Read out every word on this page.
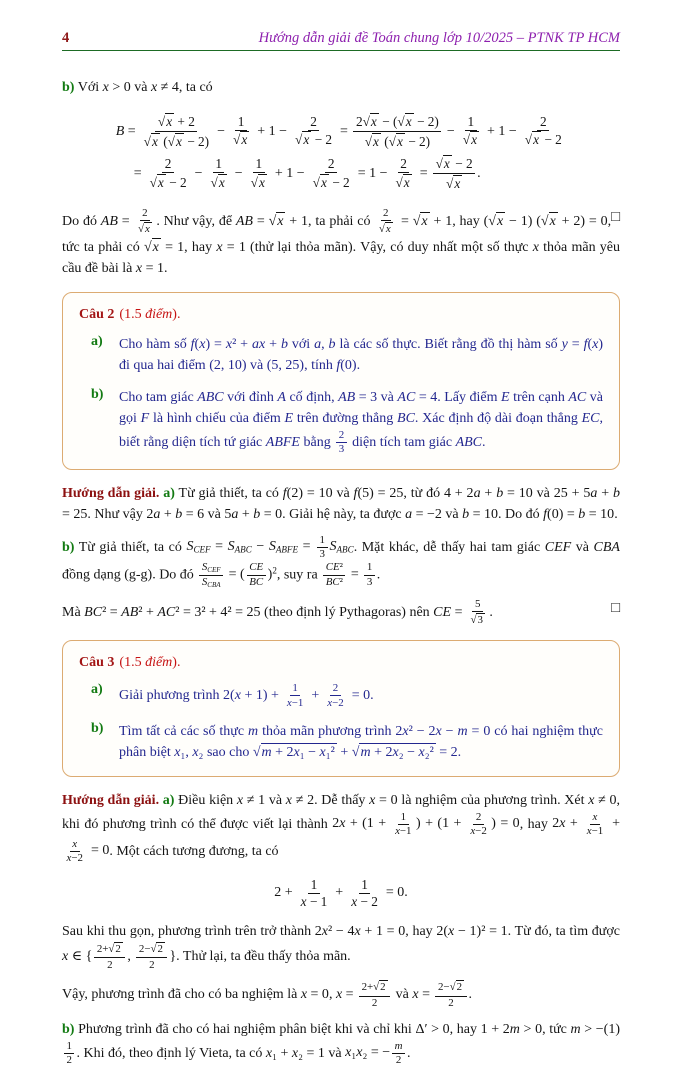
4	Hướng dẫn giải đề Toán chung lớp 10/2025 – PTNK TP HCM

b) Với x > 0 và x ≠ 4, ta có

$B = \frac{√x + 2}{√x (√x - 2)} - \frac{1}{√x} + 1 - \frac{2}{√x - 2} = \frac{2√x - (√x - 2)}{√x (√x - 2)} - \frac{1}{√x} + 1 - \frac{2}{√x - 2}$
= $\frac{2}{√x - 2} - \frac{1}{√x} - \frac{1}{√x} + 1 - \frac{2}{√x - 2} = 1 - \frac{2}{√x} = \frac{√x - 2}{√x}$ .

□
Do đó AB = $\frac{2}{√x}$ . Như vậy, để AB = √x + 1, ta phải có $\frac{2}{√x} = √x + 1$, hay (√x − 1) (√x + 2) = 0, tức ta phải có √x = 1, hay x = 1 (thử lại thỏa mãn). Vậy, có duy nhất một số thực x thỏa mãn yêu cầu đề bài là x = 1.

Câu 2 (1.5 điểm).

a)	Cho hàm số f(x) = x² + ax + b với a, b là các số thực. Biết rằng đồ thị hàm số y = f(x) đi qua hai điểm (2, 10) và (5, 25), tính f(0).
b)	Cho tam giác ABC với đỉnh A cố định, AB = 3 và AC = 4. Lấy điểm E trên cạnh AC và gọi F là hình chiếu của điểm E trên đường thẳng BC. Xác định độ dài đoạn thẳng EC, biết rằng diện tích tứ giác ABFE bằng $\frac{2}{3}$ diện tích tam giác ABC.

Hướng dẫn giải. a) Từ giả thiết, ta có f(2) = 10 và f(5) = 25, từ đó 4 + 2a + b = 10 và 25 + 5a + b = 25. Như vậy 2a + b = 6 và 5a + b = 0. Giải hệ này, ta được a = −2 và b = 10. Do đó f(0) = b = 10.

b) Từ giả thiết, ta có $S_{CEF} = S_{ABC} - S_{ABFE} = \frac{1}{3} S_{ABC}$. Mặt khác, dễ thấy hai tam giác CEF và CBA đồng dạng (g-g). Do đó $\frac{S_{CEF}}{S_{CBA}}$ = ( $\frac{CE}{BC} )^2$, suy ra $\frac{\text{CE²}}{\text{BC²}} = \frac{1}{3}$ .

□
Mà BC² = AB² + AC² = 3² + 4² = 25 (theo định lý Pythagoras) nên CE = $\frac{5}{√3}$ .

Câu 3 (1.5 điểm).

a)	Giải phương trình $2(x + 1) + \frac{1}{x-1} + \frac{2}{x-2} = 0$.
b)	Tìm tất cả các số thực m thỏa mãn phương trình 2x² − 2x − m = 0 có hai nghiệm thực phân biệt x₁, x₂ sao cho √m + 2x₁ − x₁² + √m + 2x₂ − x₂² = 2.

Hướng dẫn giải. a) Điều kiện x ≠ 1 và x ≠ 2. Dễ thấy x = 0 là nghiệm của phương trình. Xét x ≠ 0, khi đó phương trình có thể được viết lại thành $2x + (1 + \frac{1}{x-1}$ ) + ($1 + \frac{2}{x-2}$ ) = 0, hay $2x + \frac{x}{x-1}$ +
$\frac{x}{x-2} = 0$. Một cách tương đương, ta có

$2 + \frac{1}{x - 1} + \frac{1}{x - 2} = 0$.

Sau khi thu gọn, phương trình trên trở thành 2x² − 4x + 1 = 0, hay 2(x − 1)² = 1. Từ đó, ta tìm được x ∈ { $\frac{2+√2}{2}$ , $\frac{2-√2}{2}$ }. Thử lại, ta đều thấy thỏa mãn.

Vậy, phương trình đã cho có ba nghiệm là x = 0, $x = \frac{2+√2}{2}$ và $x = \frac{2-√2}{2}$ .

(1)
b) Phương trình đã cho có hai nghiệm phân biệt khi và chỉ khi Δ′ > 0, hay 1 + 2m > 0, tức m > −
$\frac{1}{2}$ . Khi đó, theo định lý Vieta, ta có x₁ + x₂ = 1 và x₁x₂ = − $\frac{m}{2}$ .
